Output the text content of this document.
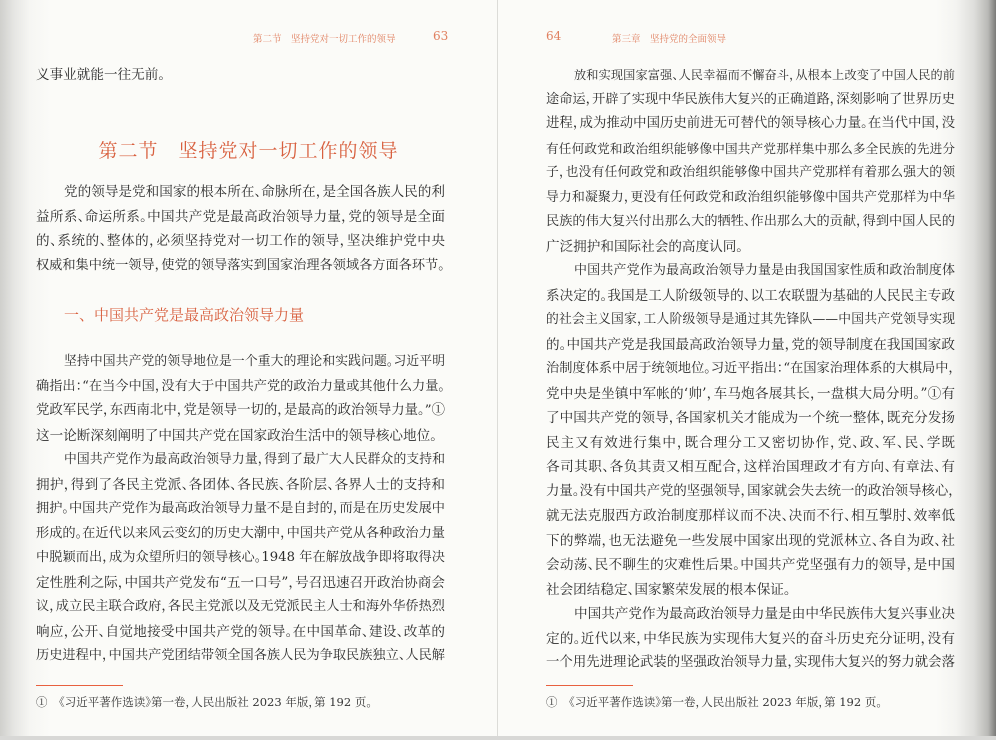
第二节　坚持党对一切工作的领导	63
第二节　坚持党对一切工作的领导
一、中国共产党是最高政治领导力量
义事业就能一往无前。
党的领导是党和国家的根本所在、命脉所在，是全国各族人民的利
益所系、命运所系。中国共产党是最高政治领导力量，党的领导是全面
的、系统的、整体的，必须坚持党对一切工作的领导，坚决维护党中央
权威和集中统一领导，使党的领导落实到国家治理各领域各方面各环节。
坚持中国共产党的领导地位是一个重大的理论和实践问题。习近平明
确指出：“在当今中国，没有大于中国共产党的政治力量或其他什么力量。
党政军民学，东西南北中，党是领导一切的，是最高的政治领导力量。”①
这一论断深刻阐明了中国共产党在国家政治生活中的领导核心地位。
中国共产党作为最高政治领导力量，得到了最广大人民群众的支持和
拥护，得到了各民主党派、各团体、各民族、各阶层、各界人士的支持和
拥护。中国共产党作为最高政治领导力量不是自封的，而是在历史发展中
形成的。在近代以来风云变幻的历史大潮中，中国共产党从各种政治力量
中脱颖而出，成为众望所归的领导核心。1948 年在解放战争即将取得决
定性胜利之际，中国共产党发布“五一口号”，号召迅速召开政治协商会
议，成立民主联合政府，各民主党派以及无党派民主人士和海外华侨热烈
响应，公开、自觉地接受中国共产党的领导。在中国革命、建设、改革的
历史进程中，中国共产党团结带领全国各族人民为争取民族独立、人民解
①　《习近平著作选读》第一卷，人民出版社 2023 年版，第 192 页。
64	第三章　坚持党的全面领导
放和实现国家富强、人民幸福而不懈奋斗，从根本上改变了中国人民的前
途命运，开辟了实现中华民族伟大复兴的正确道路，深刻影响了世界历史
进程，成为推动中国历史前进无可替代的领导核心力量。在当代中国，没
有任何政党和政治组织能够像中国共产党那样集中那么多全民族的先进分
子，也没有任何政党和政治组织能够像中国共产党那样有着那么强大的领
导力和凝聚力，更没有任何政党和政治组织能够像中国共产党那样为中华
民族的伟大复兴付出那么大的牺牲、作出那么大的贡献，得到中国人民的
广泛拥护和国际社会的高度认同。
中国共产党作为最高政治领导力量是由我国国家性质和政治制度体
系决定的。我国是工人阶级领导的、以工农联盟为基础的人民民主专政
的社会主义国家，工人阶级领导是通过其先锋队——中国共产党领导实现
的。中国共产党是我国最高政治领导力量，党的领导制度在我国国家政
治制度体系中居于统领地位。习近平指出：“在国家治理体系的大棋局中，
党中央是坐镇中军帐的‘帅’，车马炮各展其长，一盘棋大局分明。”①有
了中国共产党的领导，各国家机关才能成为一个统一整体，既充分发扬
民主又有效进行集中，既合理分工又密切协作，党、政、军、民、学既
各司其职、各负其责又相互配合，这样治国理政才有方向、有章法、有
力量。没有中国共产党的坚强领导，国家就会失去统一的政治领导核心，
就无法克服西方政治制度那样议而不决、决而不行、相互掣肘、效率低
下的弊端，也无法避免一些发展中国家出现的党派林立、各自为政、社
会动荡、民不聊生的灾难性后果。中国共产党坚强有力的领导，是中国
社会团结稳定、国家繁荣发展的根本保证。
中国共产党作为最高政治领导力量是由中华民族伟大复兴事业决
定的。近代以来，中华民族为实现伟大复兴的奋斗历史充分证明，没有
一个用先进理论武装的坚强政治领导力量，实现伟大复兴的努力就会落
①　《习近平著作选读》第一卷，人民出版社 2023 年版，第 192 页。
